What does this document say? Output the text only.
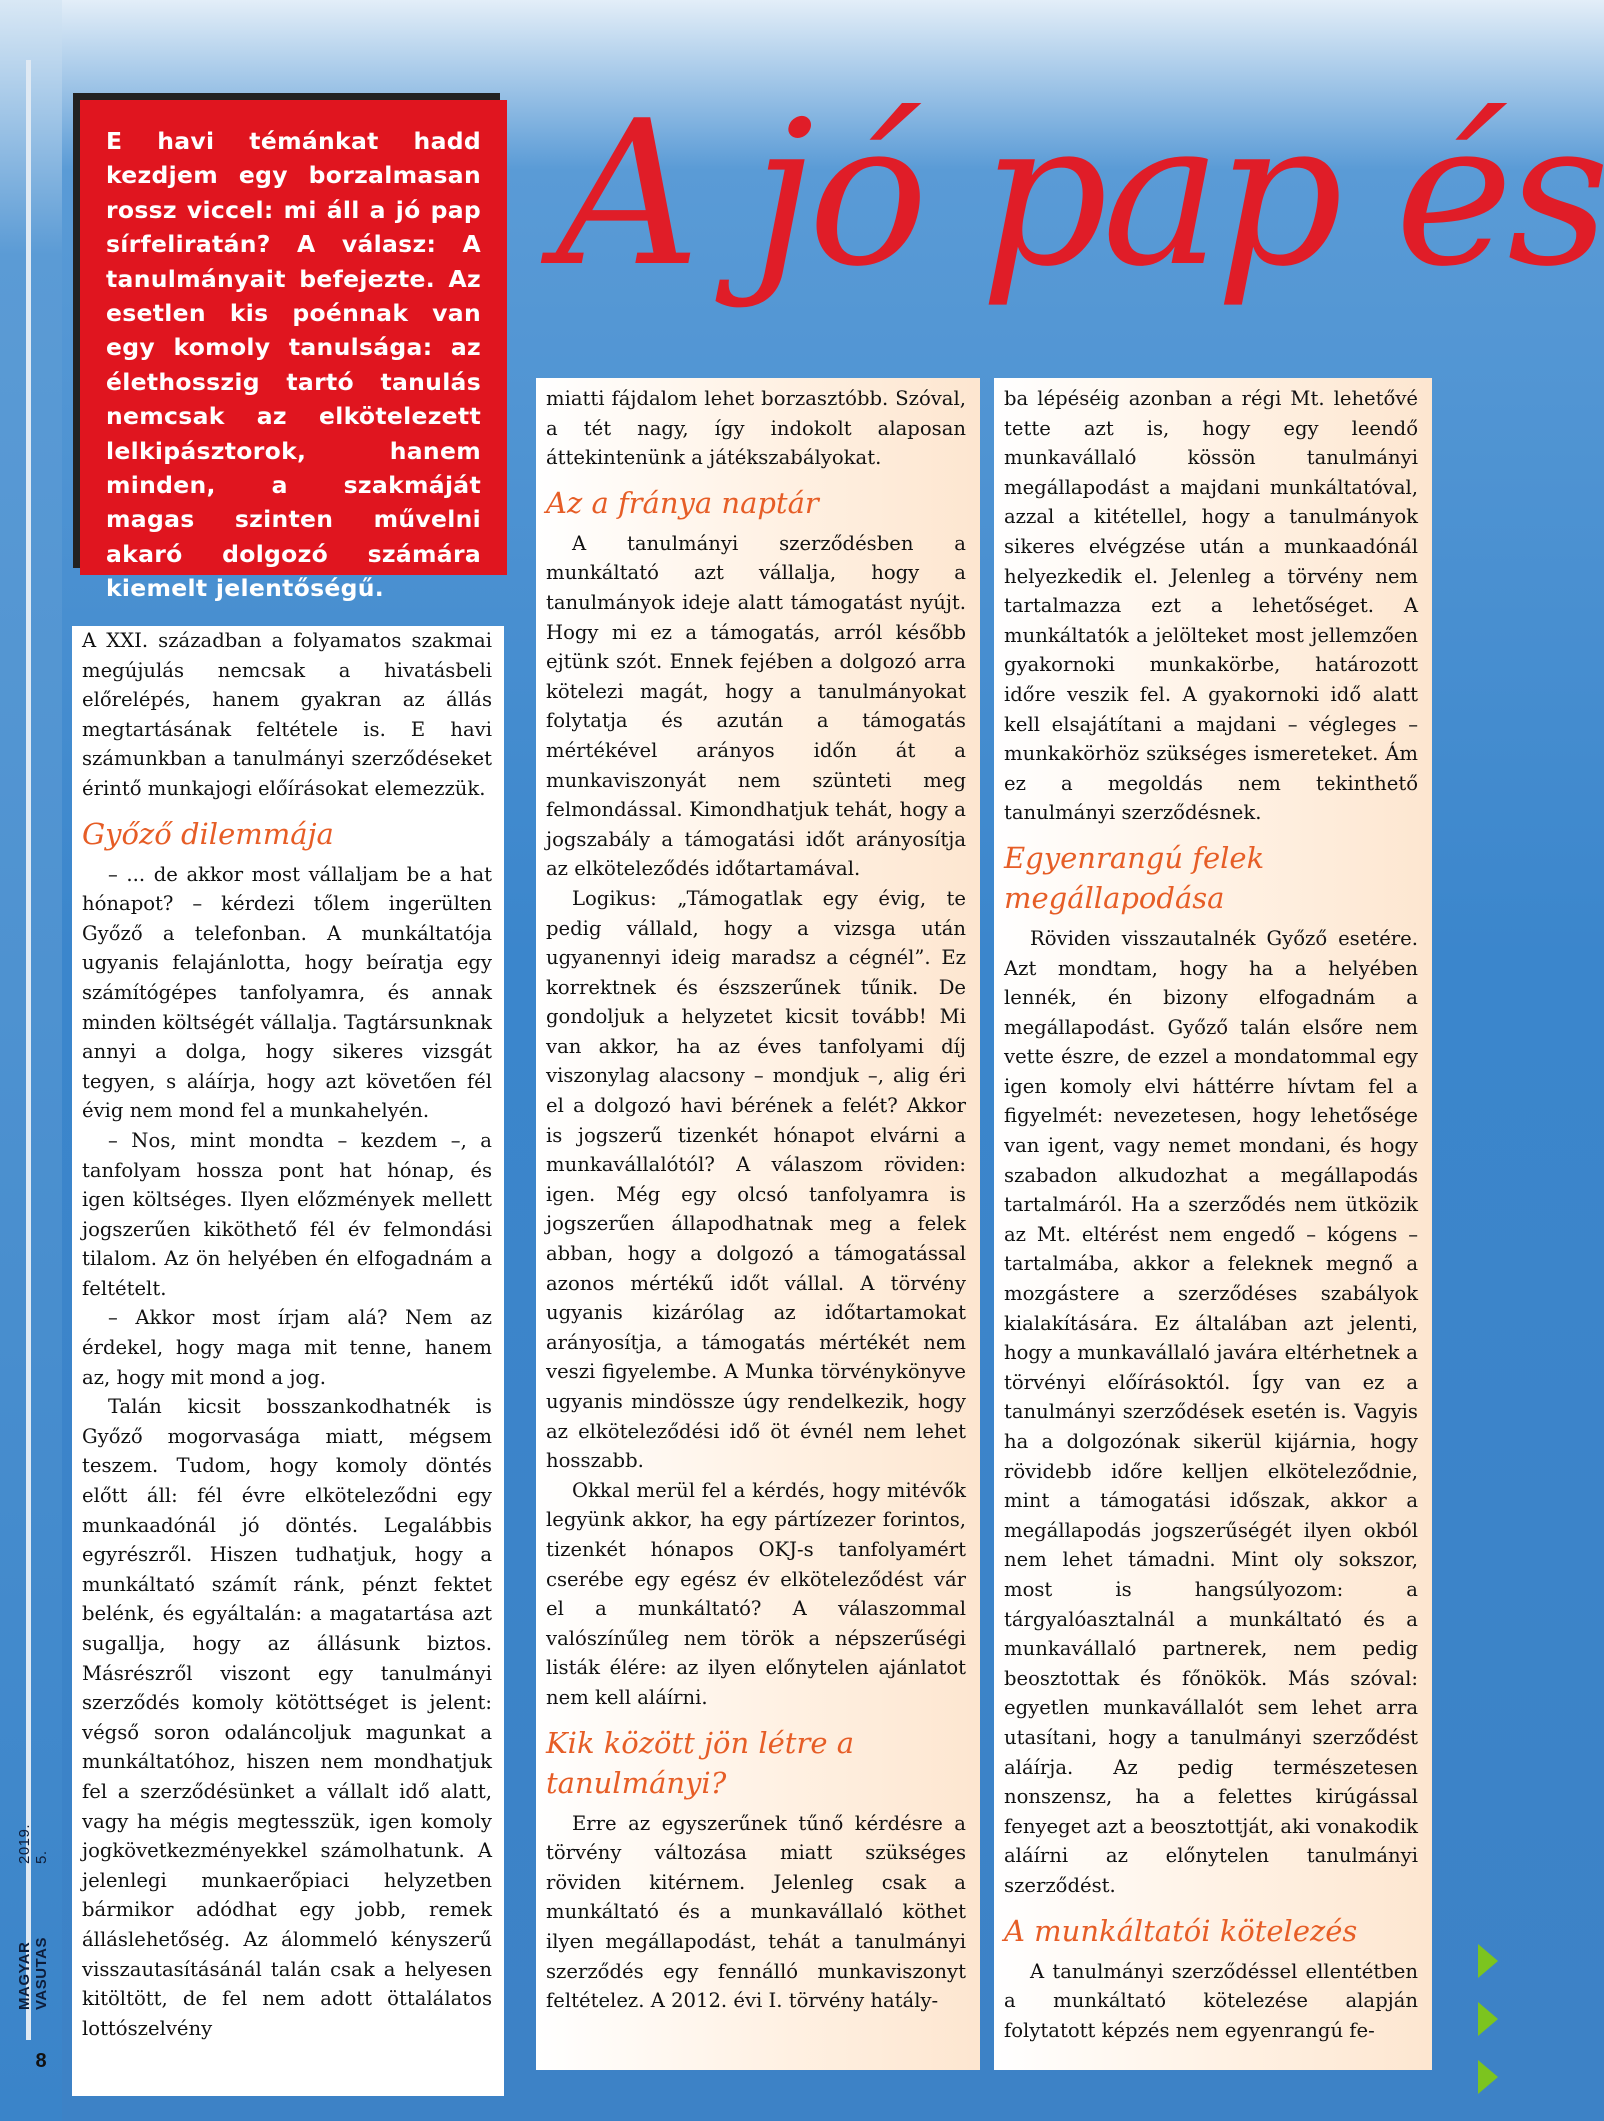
MAGYAR VASUTAS

2019. 5.
8
A jó pap és

E havi témánkat hadd kezdjem egy borzalmasan rossz viccel: mi áll a jó pap sírfeliratán? A válasz: A tanulmányait befejezte. Az esetlen kis poénnak van egy komoly tanulsága: az élethosszig tartó tanulás nemcsak az elkötelezett lelkipásztorok, hanem minden, a szakmáját magas szinten művelni akaró dolgozó számára kiemelt jelentőségű.

A XXI. században a folyamatos szakmai megújulás nemcsak a hivatásbeli előrelépés, hanem gyakran az állás megtartásának feltétele is. E havi számunkban a tanulmányi szerződéseket érintő munkajogi előírásokat elemezzük.

Győző dilemmája

– ... de akkor most vállaljam be a hat hónapot? – kérdezi tőlem ingerülten Győző a telefonban. A munkáltatója ugyanis felajánlotta, hogy beíratja egy számítógépes tanfolyamra, és annak minden költségét vállalja. Tagtársunknak annyi a dolga, hogy sikeres vizsgát tegyen, s aláírja, hogy azt követően fél évig nem mond fel a munkahelyén.

– Nos, mint mondta – kezdem –, a tanfolyam hossza pont hat hónap, és igen költséges. Ilyen előzmények mellett jogszerűen kiköthető fél év felmondási tilalom. Az ön helyében én elfogadnám a feltételt.

– Akkor most írjam alá? Nem az érdekel, hogy maga mit tenne, hanem az, hogy mit mond a jog.

Talán kicsit bosszankodhatnék is Győző mogorvasága miatt, mégsem teszem. Tudom, hogy komoly döntés előtt áll: fél évre elköteleződni egy munkaadónál jó döntés. Legalábbis egyrészről. Hiszen tudhatjuk, hogy a munkáltató számít ránk, pénzt fektet belénk, és egyáltalán: a magatartása azt sugallja, hogy az állásunk biztos. Másrészről viszont egy tanulmányi szerződés komoly kötöttséget is jelent: végső soron odaláncoljuk magunkat a munkáltatóhoz, hiszen nem mondhatjuk fel a szerződésünket a vállalt idő alatt, vagy ha mégis megtesszük, igen komoly jogkövetkezményekkel számolhatunk. A jelenlegi munkaerőpiaci helyzetben bármikor adódhat egy jobb, remek álláslehetőség. Az álommeló kényszerű visszautasításánál talán csak a helyesen kitöltött, de fel nem adott öttalálatos lottószelvény

miatti fájdalom lehet borzasztóbb. Szóval, a tét nagy, így indokolt alaposan áttekintenünk a játékszabályokat.

Az a fránya naptár

A tanulmányi szerződésben a munkáltató azt vállalja, hogy a tanulmányok ideje alatt támogatást nyújt. Hogy mi ez a támogatás, arról később ejtünk szót. Ennek fejében a dolgozó arra kötelezi magát, hogy a tanulmányokat folytatja és azután a támogatás mértékével arányos időn át a munkaviszonyát nem szünteti meg felmondással. Kimondhatjuk tehát, hogy a jogszabály a támogatási időt arányosítja az elköteleződés időtartamával.

Logikus: „Támogatlak egy évig, te pedig vállald, hogy a vizsga után ugyanennyi ideig maradsz a cégnél”. Ez korrektnek és észszerűnek tűnik. De gondoljuk a helyzetet kicsit tovább! Mi van akkor, ha az éves tanfolyami díj viszonylag alacsony – mondjuk –, alig éri el a dolgozó havi bérének a felét? Akkor is jogszerű tizenkét hónapot elvárni a munkavállalótól? A válaszom röviden: igen. Még egy olcsó tanfolyamra is jogszerűen állapodhatnak meg a felek abban, hogy a dolgozó a támogatással azonos mértékű időt vállal. A törvény ugyanis kizárólag az időtartamokat arányosítja, a támogatás mértékét nem veszi figyelembe. A Munka törvénykönyve ugyanis mindössze úgy rendelkezik, hogy az elköteleződési idő öt évnél nem lehet hosszabb.

Okkal merül fel a kérdés, hogy mitévők legyünk akkor, ha egy pártízezer forintos, tizenkét hónapos OKJ-s tanfolyamért cserébe egy egész év elköteleződést vár el a munkáltató? A válaszommal valószínűleg nem török a népszerűségi listák élére: az ilyen előnytelen ajánlatot nem kell aláírni.

Kik között jön létre a tanulmányi?

Erre az egyszerűnek tűnő kérdésre a törvény változása miatt szükséges röviden kitérnem. Jelenleg csak a munkáltató és a munkavállaló köthet ilyen megállapodást, tehát a tanulmányi szerződés egy fennálló munkaviszonyt feltételez. A 2012. évi I. törvény hatály-

ba lépéséig azonban a régi Mt. lehetővé tette azt is, hogy egy leendő munkavállaló kössön tanulmányi megállapodást a majdani munkáltatóval, azzal a kitétellel, hogy a tanulmányok sikeres elvégzése után a munkaadónál helyezkedik el. Jelenleg a törvény nem tartalmazza ezt a lehetőséget. A munkáltatók a jelölteket most jellemzően gyakornoki munkakörbe, határozott időre veszik fel. A gyakornoki idő alatt kell elsajátítani a majdani – végleges – munkakörhöz szükséges ismereteket. Ám ez a megoldás nem tekinthető tanulmányi szerződésnek.

Egyenrangú felek megállapodása

Röviden visszautalnék Győző esetére. Azt mondtam, hogy ha a helyében lennék, én bizony elfogadnám a megállapodást. Győző talán elsőre nem vette észre, de ezzel a mondatommal egy igen komoly elvi háttérre hívtam fel a figyelmét: nevezetesen, hogy lehetősége van igent, vagy nemet mondani, és hogy szabadon alkudozhat a megállapodás tartalmáról. Ha a szerződés nem ütközik az Mt. eltérést nem engedő – kógens – tartalmába, akkor a feleknek megnő a mozgástere a szerződéses szabályok kialakítására. Ez általában azt jelenti, hogy a munkavállaló javára eltérhetnek a törvényi előírásoktól. Így van ez a tanulmányi szerződések esetén is. Vagyis ha a dolgozónak sikerül kijárnia, hogy rövidebb időre kelljen elköteleződnie, mint a támogatási időszak, akkor a megállapodás jogszerűségét ilyen okból nem lehet támadni. Mint oly sokszor, most is hangsúlyozom: a tárgyalóasztalnál a munkáltató és a munkavállaló partnerek, nem pedig beosztottak és főnökök. Más szóval: egyetlen munkavállalót sem lehet arra utasítani, hogy a tanulmányi szerződést aláírja. Az pedig természetesen nonszensz, ha a felettes kirúgással fenyeget azt a beosztottját, aki vonakodik aláírni az előnytelen tanulmányi szerződést.

A munkáltatói kötelezés

A tanulmányi szerződéssel ellentétben a munkáltató kötelezése alapján folytatott képzés nem egyenrangú fe-
